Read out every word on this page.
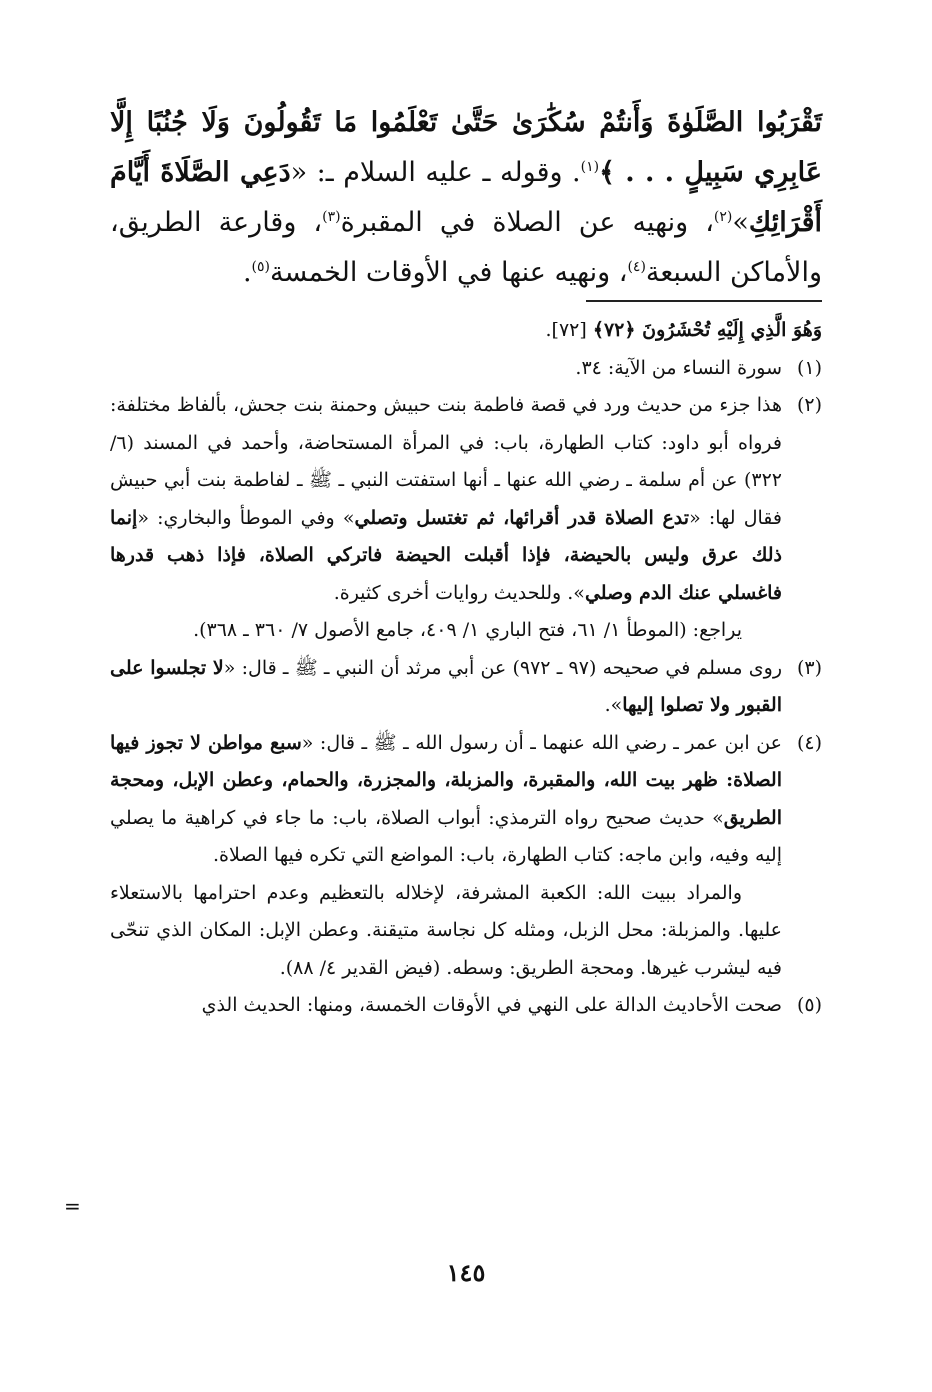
تَقْرَبُوا الصَّلَوٰةَ وَأَنتُمْ سُكَٰرَىٰ حَتَّىٰ تَعْلَمُوا مَا تَقُولُونَ وَلَا جُنُبًا إِلَّا عَابِرِي سَبِيلٍ . . . ﴾$^{(١)}$. وقوله ـ عليه السلام ـ: «دَعِي الصَّلَاةَ أَيَّامَ أَقْرَائِكِ»$^{(٢)}$، ونهيه عن الصلاة في المقبرة$^{(٣)}$، وقارعة الطريق، والأماكن السبعة$^{(٤)}$، ونهيه عنها في الأوقات الخمسة$^{(٥)}$.

وَهُوَ الَّذِي إِلَيْهِ تُحْشَرُونَ ﴿٧٢﴾ [٧٢].

(١)

سورة النساء من الآية: ٣٤.

(٢)

هذا جزء من حديث ورد في قصة فاطمة بنت حبيش وحمنة بنت جحش، بألفاظ مختلفة: فرواه أبو داود: كتاب الطهارة، باب: في المرأة المستحاضة، وأحمد في المسند (٦/ ٣٢٢) عن أم سلمة ـ رضي الله عنها ـ أنها استفتت النبي ـ ﷺ ـ لفاطمة بنت أبي حبيش فقال لها: «تدع الصلاة قدر أقرائها، ثم تغتسل وتصلي» وفي الموطأ والبخاري: «إنما ذلك عرق وليس بالحيضة، فإذا أقبلت الحيضة فاتركي الصلاة، فإذا ذهب قدرها فاغسلي عنك الدم وصلي». وللحديث روايات أخرى كثيرة.

يراجع: (الموطأ ١/ ٦١، فتح الباري ١/ ٤٠٩، جامع الأصول ٧/ ٣٦٠ ـ ٣٦٨).

(٣)

روى مسلم في صحيحه (٩٧ ـ ٩٧٢) عن أبي مرثد أن النبي ـ ﷺ ـ قال: «لا تجلسوا على القبور ولا تصلوا إليها».

(٤)

عن ابن عمر ـ رضي الله عنهما ـ أن رسول الله ـ ﷺ ـ قال: «سبع مواطن لا تجوز فيها الصلاة: ظهر بيت الله، والمقبرة، والمزبلة، والمجزرة، والحمام، وعطن الإبل، ومحجة الطريق» حديث صحيح رواه الترمذي: أبواب الصلاة، باب: ما جاء في كراهية ما يصلي إليه وفيه، وابن ماجه: كتاب الطهارة، باب: المواضع التي تكره فيها الصلاة.

والمراد ببيت الله: الكعبة المشرفة، لإخلاله بالتعظيم وعدم احترامها بالاستعلاء عليها. والمزبلة: محل الزبل، ومثله كل نجاسة متيقنة. وعطن الإبل: المكان الذي تنحّى فيه ليشرب غيرها. ومحجة الطريق: وسطه. (فيض القدير ٤/ ٨٨).

(٥)

صحت الأحاديث الدالة على النهي في الأوقات الخمسة، ومنها: الحديث الذي

=
١٤٥
